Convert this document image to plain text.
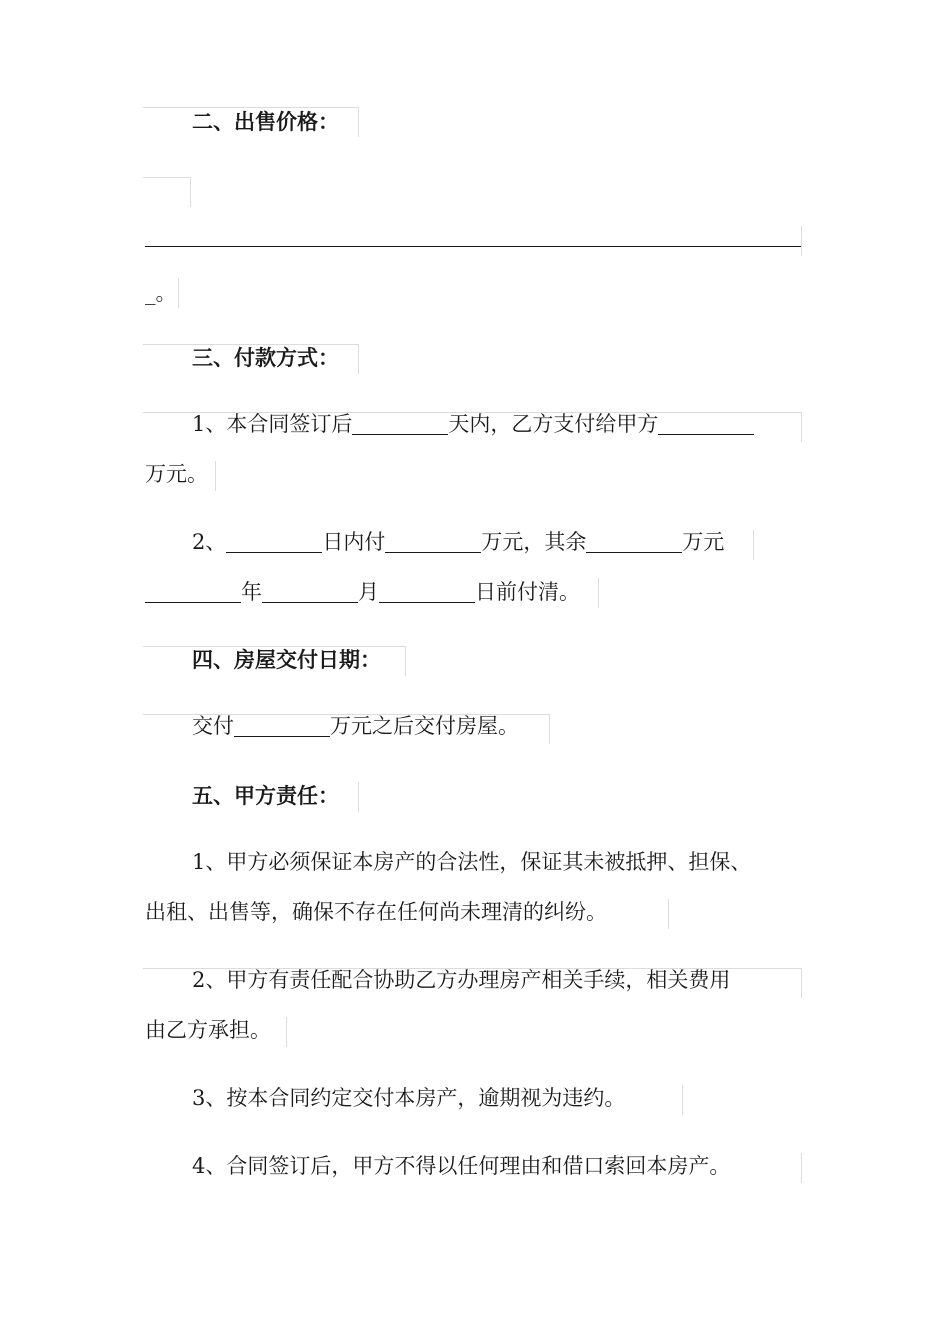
二、出售价格：
_。
三、付款方式：
1、本合同签订后	天内，乙方支付给甲方
万元。
2、	日内付	万元，其余	万元
年	月	日前付清。
四、房屋交付日期：
交付	万元之后交付房屋。
五、甲方责任：
1、甲方必须保证本房产的合法性，保证其未被抵押、担保、
出租、出售等，确保不存在任何尚未理清的纠纷。
2、甲方有责任配合协助乙方办理房产相关手续，相关费用
由乙方承担。
3、按本合同约定交付本房产，逾期视为违约。
4、合同签订后，甲方不得以任何理由和借口索回本房产。
